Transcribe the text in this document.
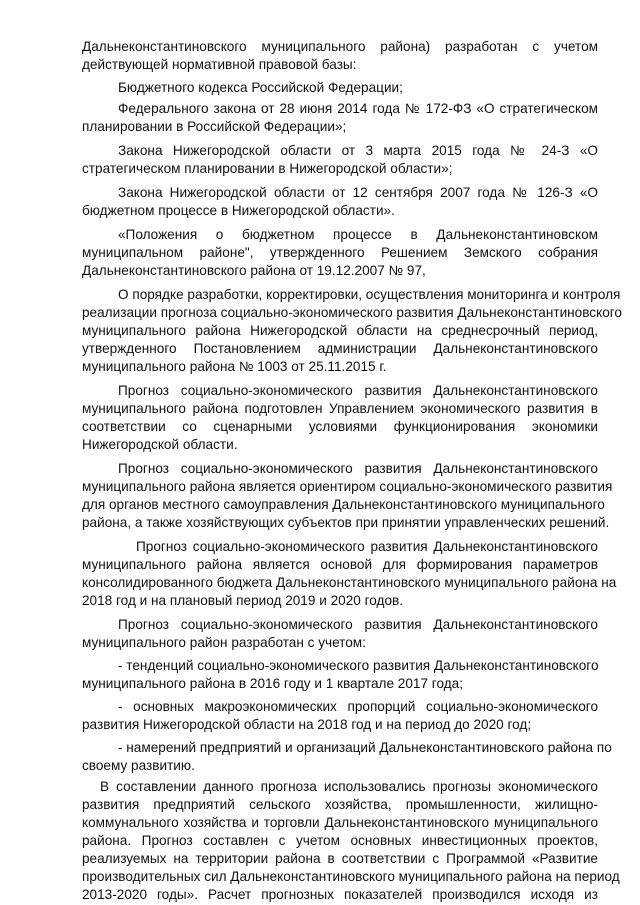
Дальнеконстантиновского муниципального района) разработан с учетом
действующей нормативной правовой базы:
Бюджетного кодекса Российской Федерации;
Федерального закона от 28 июня 2014 года № 172-ФЗ «О стратегическом
планировании в Российской Федерации»;
Закона Нижегородской области от 3 марта 2015 года № 24-З «О
стратегическом планировании в Нижегородской области»;
Закона Нижегородской области от 12 сентября 2007 года № 126-З «О
бюджетном процессе в Нижегородской области».
«Положения о бюджетном процессе в Дальнеконстантиновском
муниципальном районе", утвержденного Решением Земского собрания
Дальнеконстантиновского района от 19.12.2007 № 97,
О порядке разработки, корректировки, осуществления мониторинга и контроля
реализации прогноза социально-экономического развития Дальнеконстантиновского
муниципального района Нижегородской области на среднесрочный период,
утвержденного Постановлением администрации Дальнеконстантиновского
муниципального района № 1003 от 25.11.2015 г.
Прогноз социально-экономического развития Дальнеконстантиновского
муниципального района подготовлен Управлением экономического развития в
соответствии со сценарными условиями функционирования экономики
Нижегородской области.
Прогноз социально-экономического развития Дальнеконстантиновского
муниципального района является ориентиром социально-экономического развития
для органов местного самоуправления Дальнеконстантиновского муниципального
района, а также хозяйствующих субъектов при принятии управленческих решений.
Прогноз социально-экономического развития Дальнеконстантиновского
муниципального района является основой для формирования параметров
консолидированного бюджета Дальнеконстантиновского муниципального района на
2018 год и на плановый период 2019 и 2020 годов.
Прогноз социально-экономического развития Дальнеконстантиновского
муниципального район разработан с учетом:
- тенденций социально-экономического развития Дальнеконстантиновского
муниципального района в 2016 году и 1 квартале 2017 года;
- основных макроэкономических пропорций социально-экономического
развития Нижегородской области на 2018 год и на период до 2020 год;
- намерений предприятий и организаций Дальнеконстантиновского района по
своему развитию.
В составлении данного прогноза использовались прогнозы экономического
развития предприятий сельского хозяйства, промышленности, жилищно-
коммунального хозяйства и торговли Дальнеконстантиновского муниципального
района. Прогноз составлен с учетом основных инвестиционных проектов,
реализуемых на территории района в соответствии с Программой «Развитие
производительных сил Дальнеконстантиновского муниципального района на период
2013-2020 годы». Расчет прогнозных показателей производился исходя из
